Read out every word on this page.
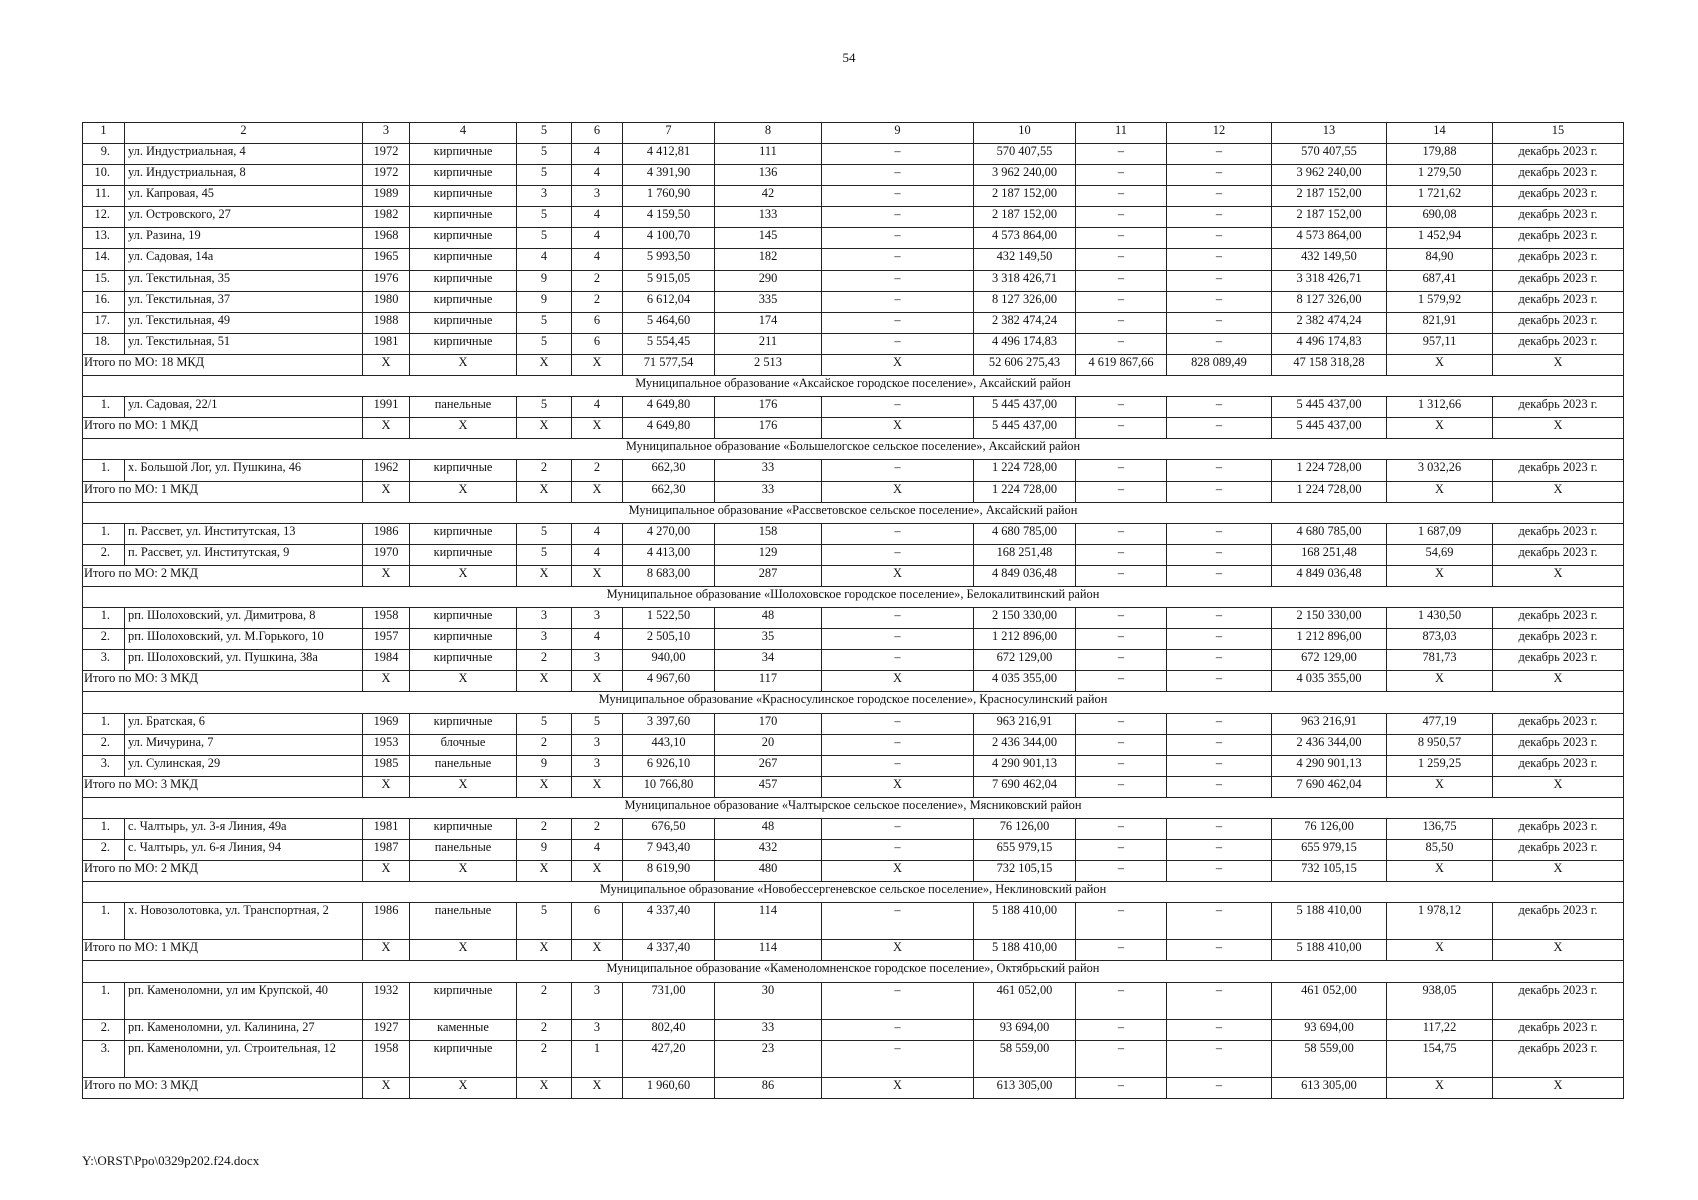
54
1	2	3	4	5	6	7	8	9	10	11	12	13	14	15
9.	ул. Индустриальная, 4	1972	кирпичные	5	4	4 412,81	111	–	570 407,55	–	–	570 407,55	179,88	декабрь 2023 г.
10.	ул. Индустриальная, 8	1972	кирпичные	5	4	4 391,90	136	–	3 962 240,00	–	–	3 962 240,00	1 279,50	декабрь 2023 г.
11.	ул. Капровая, 45	1989	кирпичные	3	3	1 760,90	42	–	2 187 152,00	–	–	2 187 152,00	1 721,62	декабрь 2023 г.
12.	ул. Островского, 27	1982	кирпичные	5	4	4 159,50	133	–	2 187 152,00	–	–	2 187 152,00	690,08	декабрь 2023 г.
13.	ул. Разина, 19	1968	кирпичные	5	4	4 100,70	145	–	4 573 864,00	–	–	4 573 864,00	1 452,94	декабрь 2023 г.
14.	ул. Садовая, 14а	1965	кирпичные	4	4	5 993,50	182	–	432 149,50	–	–	432 149,50	84,90	декабрь 2023 г.
15.	ул. Текстильная, 35	1976	кирпичные	9	2	5 915,05	290	–	3 318 426,71	–	–	3 318 426,71	687,41	декабрь 2023 г.
16.	ул. Текстильная, 37	1980	кирпичные	9	2	6 612,04	335	–	8 127 326,00	–	–	8 127 326,00	1 579,92	декабрь 2023 г.
17.	ул. Текстильная, 49	1988	кирпичные	5	6	5 464,60	174	–	2 382 474,24	–	–	2 382 474,24	821,91	декабрь 2023 г.
18.	ул. Текстильная, 51	1981	кирпичные	5	6	5 554,45	211	–	4 496 174,83	–	–	4 496 174,83	957,11	декабрь 2023 г.
Итого по МО: 18 МКД		X	X	X	X	71 577,54	2 513	X	52 606 275,43	4 619 867,66	828 089,49	47 158 318,28	X	X
Муниципальное образование «Аксайское городское поселение», Аксайский район														
1.	ул. Садовая, 22/1	1991	панельные	5	4	4 649,80	176	–	5 445 437,00	–	–	5 445 437,00	1 312,66	декабрь 2023 г.
Итого по МО: 1 МКД		X	X	X	X	4 649,80	176	X	5 445 437,00	–	–	5 445 437,00	X	X
Муниципальное образование «Большелогское сельское поселение», Аксайский район														
1.	х. Большой Лог, ул. Пушкина, 46	1962	кирпичные	2	2	662,30	33	–	1 224 728,00	–	–	1 224 728,00	3 032,26	декабрь 2023 г.
Итого по МО: 1 МКД		X	X	X	X	662,30	33	X	1 224 728,00	–	–	1 224 728,00	X	X
Муниципальное образование «Рассветовское сельское поселение», Аксайский район														
1.	п. Рассвет, ул. Институтская, 13	1986	кирпичные	5	4	4 270,00	158	–	4 680 785,00	–	–	4 680 785,00	1 687,09	декабрь 2023 г.
2.	п. Рассвет, ул. Институтская, 9	1970	кирпичные	5	4	4 413,00	129	–	168 251,48	–	–	168 251,48	54,69	декабрь 2023 г.
Итого по МО: 2 МКД		X	X	X	X	8 683,00	287	X	4 849 036,48	–	–	4 849 036,48	X	X
Муниципальное образование «Шолоховское городское поселение», Белокалитвинский район														
1.	рп. Шолоховский, ул. Димитрова, 8	1958	кирпичные	3	3	1 522,50	48	–	2 150 330,00	–	–	2 150 330,00	1 430,50	декабрь 2023 г.
2.	рп. Шолоховский, ул. М.Горького, 10	1957	кирпичные	3	4	2 505,10	35	–	1 212 896,00	–	–	1 212 896,00	873,03	декабрь 2023 г.
3.	рп. Шолоховский, ул. Пушкина, 38а	1984	кирпичные	2	3	940,00	34	–	672 129,00	–	–	672 129,00	781,73	декабрь 2023 г.
Итого по МО: 3 МКД		X	X	X	X	4 967,60	117	X	4 035 355,00	–	–	4 035 355,00	X	X
Муниципальное образование «Красносулинское городское поселение», Красносулинский район														
1.	ул. Братская, 6	1969	кирпичные	5	5	3 397,60	170	–	963 216,91	–	–	963 216,91	477,19	декабрь 2023 г.
2.	ул. Мичурина, 7	1953	блочные	2	3	443,10	20	–	2 436 344,00	–	–	2 436 344,00	8 950,57	декабрь 2023 г.
3.	ул. Сулинская, 29	1985	панельные	9	3	6 926,10	267	–	4 290 901,13	–	–	4 290 901,13	1 259,25	декабрь 2023 г.
Итого по МО: 3 МКД		X	X	X	X	10 766,80	457	X	7 690 462,04	–	–	7 690 462,04	X	X
Муниципальное образование «Чалтырское сельское поселение», Мясниковский район														
1.	с. Чалтырь, ул. 3-я Линия, 49а	1981	кирпичные	2	2	676,50	48	–	76 126,00	–	–	76 126,00	136,75	декабрь 2023 г.
2.	с. Чалтырь, ул. 6-я Линия, 94	1987	панельные	9	4	7 943,40	432	–	655 979,15	–	–	655 979,15	85,50	декабрь 2023 г.
Итого по МО: 2 МКД		X	X	X	X	8 619,90	480	X	732 105,15	–	–	732 105,15	X	X
Муниципальное образование «Новобессергеневское сельское поселение», Неклиновский район														
1.	х. Новозолотовка, ул. Транспортная, 2	1986	панельные	5	6	4 337,40	114	–	5 188 410,00	–	–	5 188 410,00	1 978,12	декабрь 2023 г.
Итого по МО: 1 МКД		X	X	X	X	4 337,40	114	X	5 188 410,00	–	–	5 188 410,00	X	X
Муниципальное образование «Каменоломненское городское поселение», Октябрьский район														
1.	рп. Каменоломни, ул им Крупской, 40	1932	кирпичные	2	3	731,00	30	–	461 052,00	–	–	461 052,00	938,05	декабрь 2023 г.
2.	рп. Каменоломни, ул. Калинина, 27	1927	каменные	2	3	802,40	33	–	93 694,00	–	–	93 694,00	117,22	декабрь 2023 г.
3.	рп. Каменоломни, ул. Строительная, 12	1958	кирпичные	2	1	427,20	23	–	58 559,00	–	–	58 559,00	154,75	декабрь 2023 г.
Итого по МО: 3 МКД		X	X	X	X	1 960,60	86	X	613 305,00	–	–	613 305,00	X	X
Y:\ORST\Ppo\0329p202.f24.docx
